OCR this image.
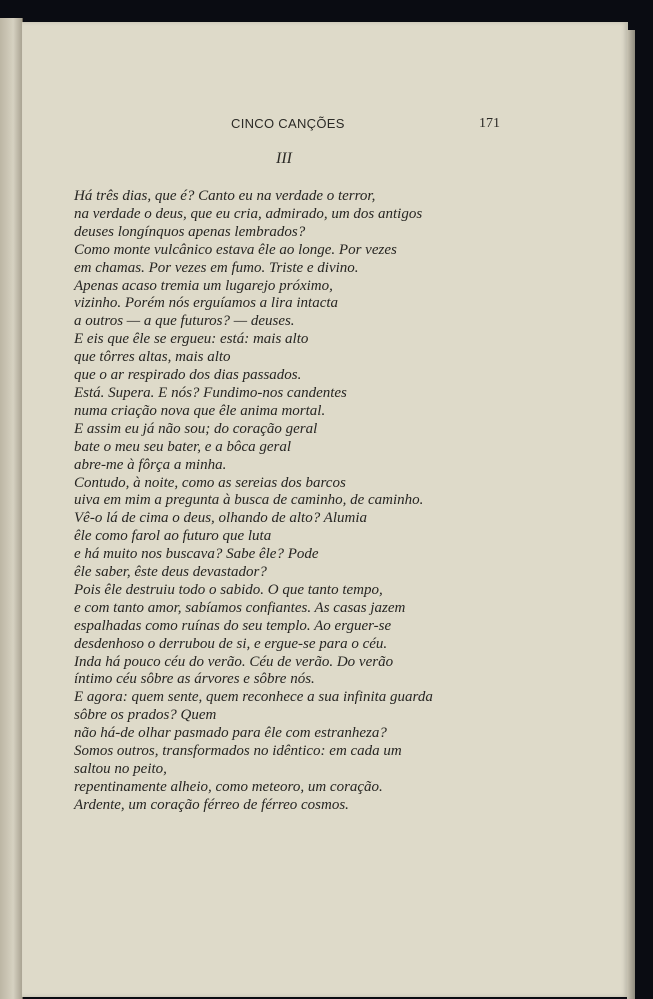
CINCO CANÇÕES	171
III
Há três dias, que é? Canto eu na verdade o terror,
na verdade o deus, que eu cria, admirado, um dos antigos
deuses longínquos apenas lembrados?
Como monte vulcânico estava êle ao longe. Por vezes
em chamas. Por vezes em fumo. Triste e divino.
Apenas acaso tremia um lugarejo próximo,
vizinho. Porém nós erguíamos a lira intacta
a outros — a que futuros? — deuses.
E eis que êle se ergueu: está: mais alto
que tôrres altas, mais alto
que o ar respirado dos dias passados.
Está. Supera. E nós? Fundimo-nos candentes
numa criação nova que êle anima mortal.
E assim eu já não sou; do coração geral
bate o meu seu bater, e a bôca geral
abre-me à fôrça a minha.
Contudo, à noite, como as sereias dos barcos
uiva em mim a pregunta à busca de caminho, de caminho.
Vê-o lá de cima o deus, olhando de alto? Alumia
êle como farol ao futuro que luta
e há muito nos buscava? Sabe êle? Pode
êle saber, êste deus devastador?
Pois êle destruiu todo o sabido. O que tanto tempo,
e com tanto amor, sabíamos confiantes. As casas jazem
espalhadas como ruínas do seu templo. Ao erguer-se
desdenhoso o derrubou de si, e ergue-se para o céu.
Inda há pouco céu do verão. Céu de verão. Do verão
íntimo céu sôbre as árvores e sôbre nós.
E agora: quem sente, quem reconhece a sua infinita guarda
sôbre os prados? Quem
não há-de olhar pasmado para êle com estranheza?
Somos outros, transformados no idêntico: em cada um
saltou no peito,
repentinamente alheio, como meteoro, um coração.
Ardente, um coração férreo de férreo cosmos.
